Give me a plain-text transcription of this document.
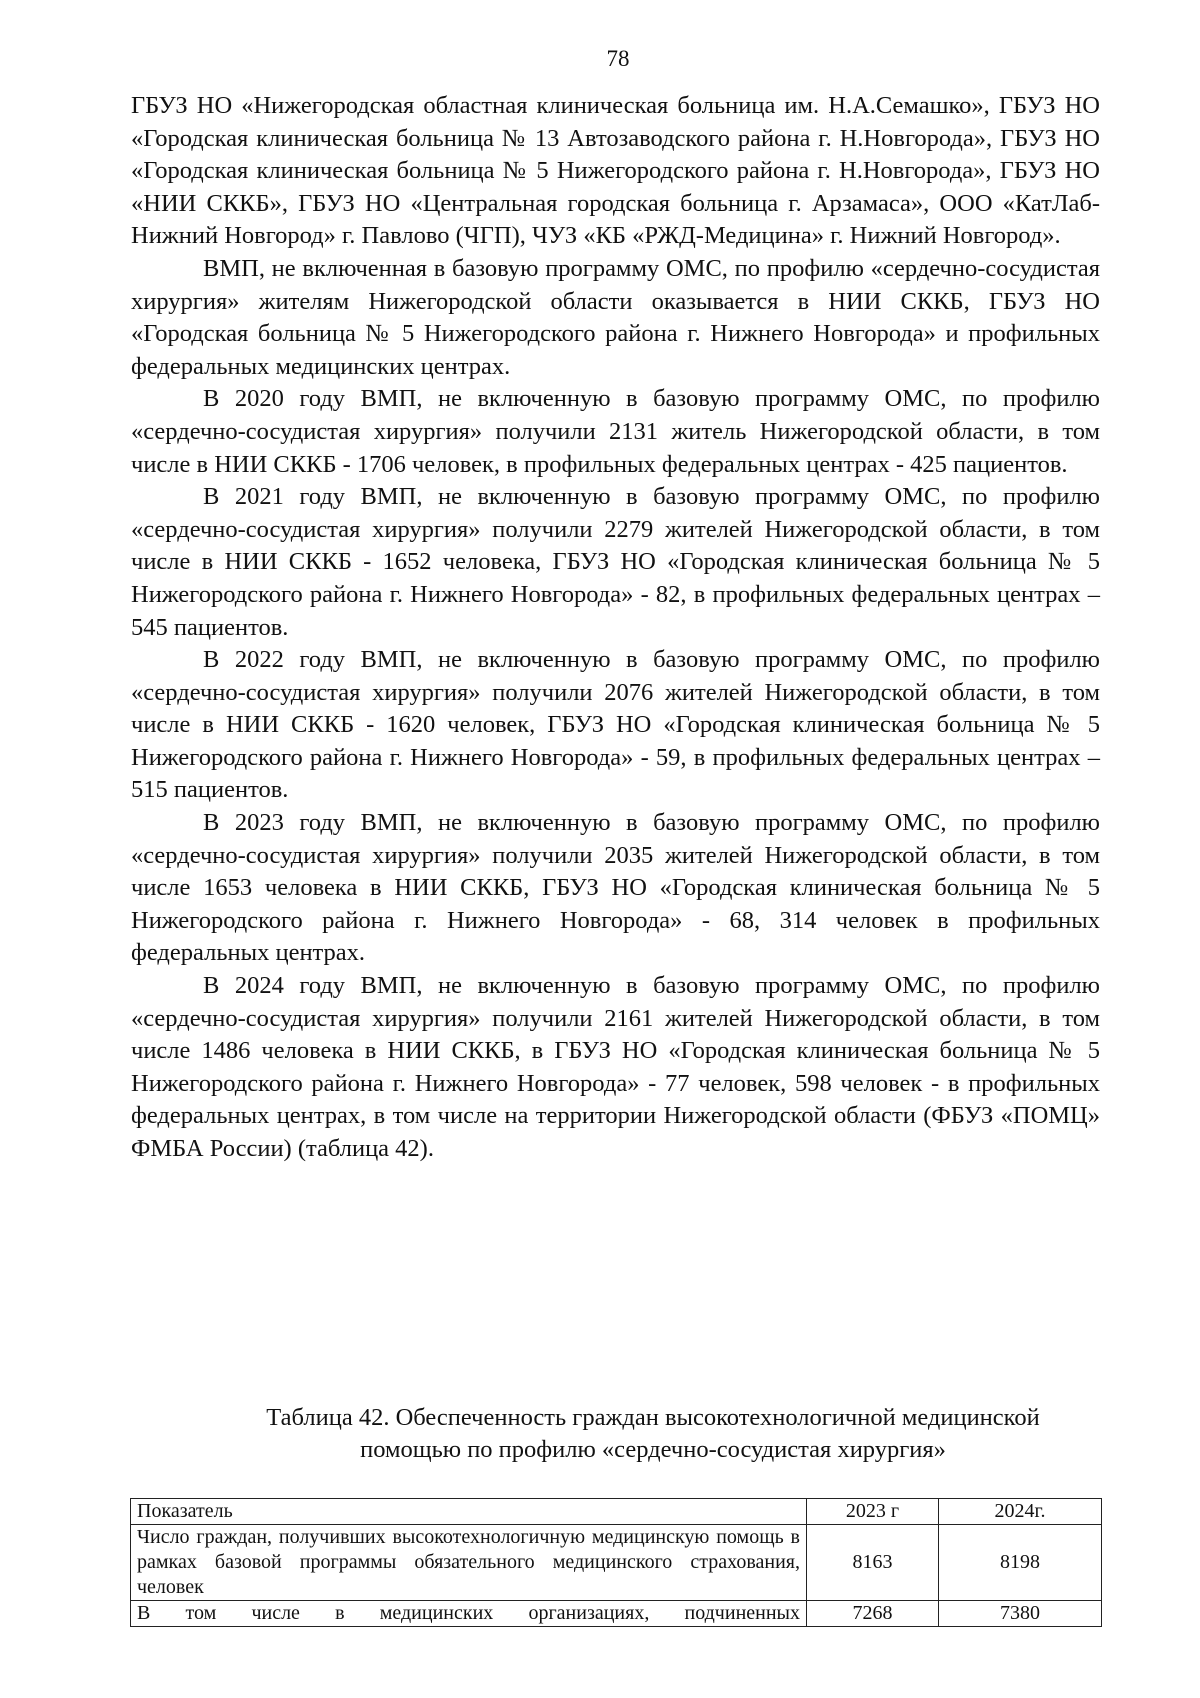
78

ГБУЗ НО «Нижегородская областная клиническая больница им. Н.А.Семашко», ГБУЗ НО «Городская клиническая больница № 13 Автозаводского района г. Н.Новгорода», ГБУЗ НО «Городская клиническая больница № 5 Нижегородского района г. Н.Новгорода», ГБУЗ НО «НИИ СККБ», ГБУЗ НО «Центральная городская больница г. Арзамаса», ООО «КатЛаб-Нижний Новгород» г. Павлово (ЧГП), ЧУЗ «КБ «РЖД-Медицина» г. Нижний Новгород».

ВМП, не включенная в базовую программу ОМС, по профилю «сердечно-сосудистая хирургия» жителям Нижегородской области оказывается в НИИ СККБ, ГБУЗ НО «Городская больница № 5 Нижегородского района г. Нижнего Новгорода» и профильных федеральных медицинских центрах.

В 2020 году ВМП, не включенную в базовую программу ОМС, по профилю «сердечно-сосудистая хирургия» получили 2131 житель Нижегородской области, в том числе в НИИ СККБ - 1706 человек, в профильных федеральных центрах - 425 пациентов.

В 2021 году ВМП, не включенную в базовую программу ОМС, по профилю «сердечно-сосудистая хирургия» получили 2279 жителей Нижегородской области, в том числе в НИИ СККБ - 1652 человека, ГБУЗ НО «Городская клиническая больница № 5 Нижегородского района г. Нижнего Новгорода» - 82, в профильных федеральных центрах – 545 пациентов.

В 2022 году ВМП, не включенную в базовую программу ОМС, по профилю «сердечно-сосудистая хирургия» получили 2076 жителей Нижегородской области, в том числе в НИИ СККБ - 1620 человек, ГБУЗ НО «Городская клиническая больница № 5 Нижегородского района г. Нижнего Новгорода» - 59, в профильных федеральных центрах – 515 пациентов.

В 2023 году ВМП, не включенную в базовую программу ОМС, по профилю «сердечно-сосудистая хирургия» получили 2035 жителей Нижегородской области, в том числе 1653 человека в НИИ СККБ, ГБУЗ НО «Городская клиническая больница № 5 Нижегородского района г. Нижнего Новгорода» - 68, 314 человек в профильных федеральных центрах.

В 2024 году ВМП, не включенную в базовую программу ОМС, по профилю «сердечно-сосудистая хирургия» получили 2161 жителей Нижегородской области, в том числе 1486 человека в НИИ СККБ, в ГБУЗ НО «Городская клиническая больница № 5 Нижегородского района г. Нижнего Новгорода» - 77 человек, 598 человек - в профильных федеральных центрах, в том числе на территории Нижегородской области (ФБУЗ «ПОМЦ» ФМБА России) (таблица 42).

Таблица 42. Обеспеченность граждан высокотехнологичной медицинской
помощью по профилю «сердечно-сосудистая хирургия»
Показатель	2023 г	2024г.
Число граждан, получивших высокотехнологичную медицинскую помощь в рамках базовой программы обязательного медицинского страхования, человек	8163	8198
В том числе в медицинских организациях, подчиненных	7268	7380
